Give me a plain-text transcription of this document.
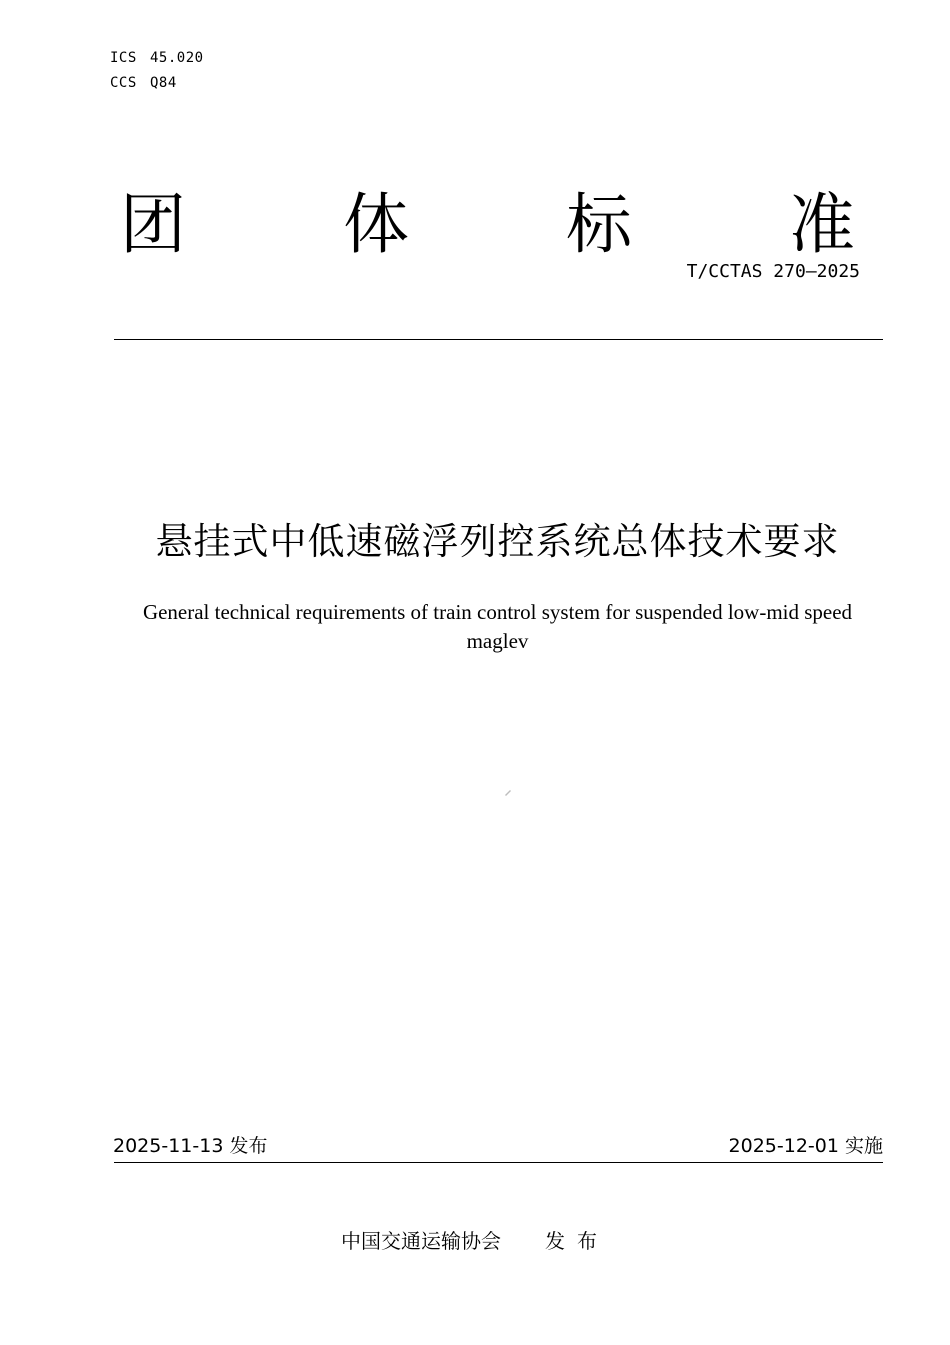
ICS 45.020
CCS Q84
团 体 标 准
T/CCTAS 270—2025
悬挂式中低速磁浮列控系统总体技术要求
General technical requirements of train control system for suspended low-mid speed maglev
2025-11-13 发布	2025-12-01 实施
中国交通运输协会 发布
